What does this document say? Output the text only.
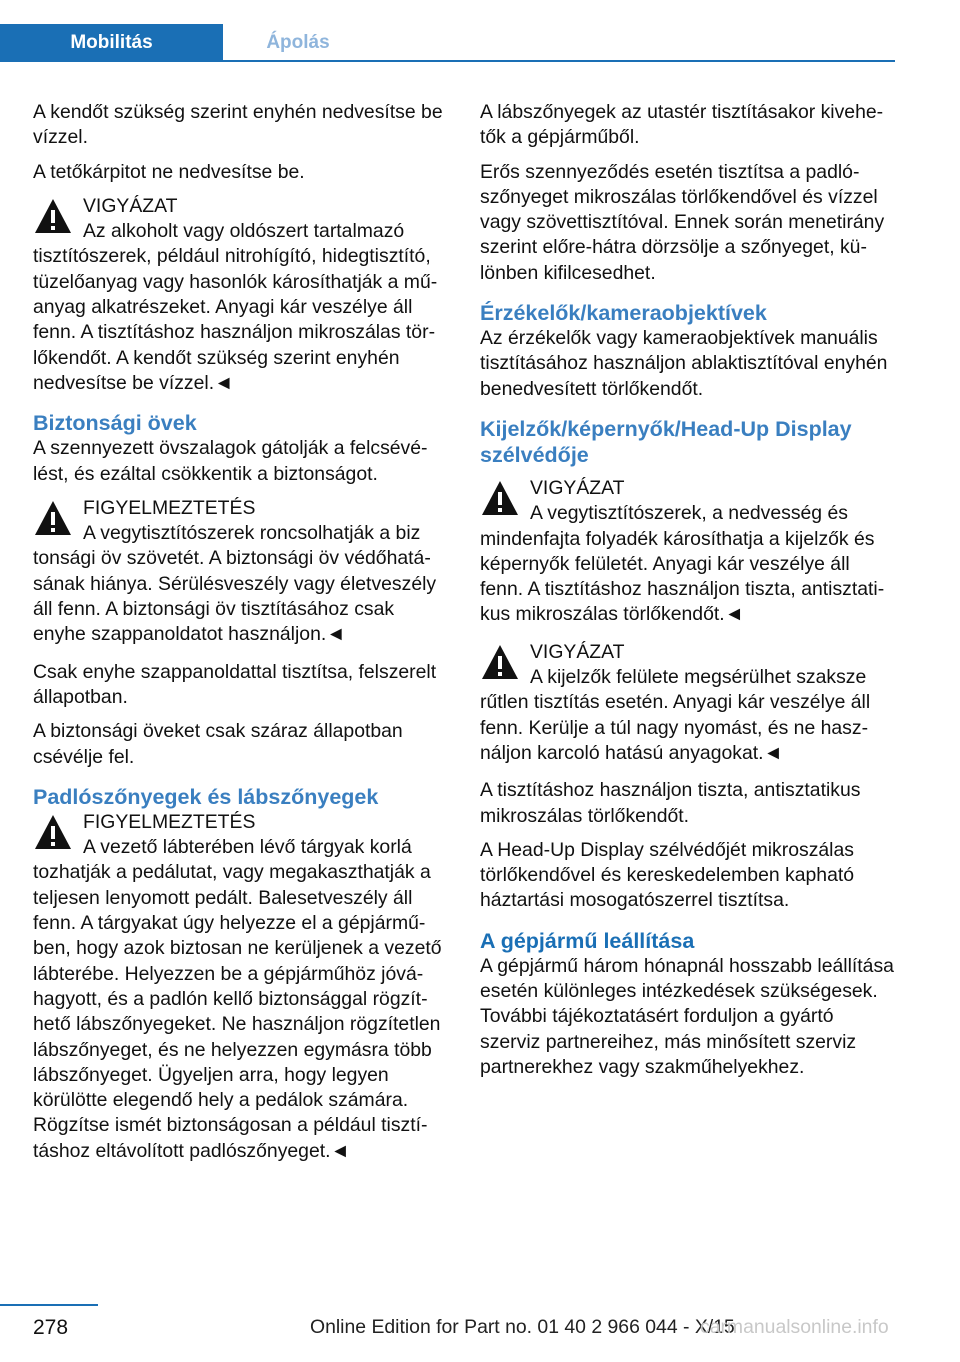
Mobilitás	Ápolás

A kendőt szükség szerint enyhén nedvesítse be vízzel.

A tetőkárpitot ne nedvesítse be.

VIGYÁZAT
Az alkoholt vagy oldószert tartalmazó
tisztítószerek, például nitrohígító, hidegtisztító, tüzelőanyag vagy hasonlók károsíthatják a műanyag alkatrészeket. Anyagi kár veszélye áll fenn. A tisztításhoz használjon mikroszálas törlőkendőt. A kendőt szükség szerint enyhén nedvesítse be vízzel.◄
Biztonsági övek

A szennyezett övszalagok gátolják a felcsévélést, és ezáltal csökkentik a biztonságot.

FIGYELMEZTETÉS
A vegytisztítószerek roncsolhatják a biz
tonsági öv szövetét. A biztonsági öv védőhatásának hiánya. Sérülésveszély vagy életveszély áll fenn. A biztonsági öv tisztításához csak enyhe szappanoldatot használjon.◄

Csak enyhe szappanoldattal tisztítsa, felszerelt állapotban.

A biztonsági öveket csak száraz állapotban csévélje fel.

Padlószőnyegek és lábszőnyegek
FIGYELMEZTETÉS
A vezető lábterében lévő tárgyak korlá
tozhatják a pedálutat, vagy megakaszthatják a teljesen lenyomott pedált. Balesetveszély áll fenn. A tárgyakat úgy helyezze el a gépjárműben, hogy azok biztosan ne kerüljenek a vezető lábterébe. Helyezzen be a gépjárműhöz jóváhagyott, és a padlón kellő biztonsággal rögzíthető lábszőnyegeket. Ne használjon rögzítetlen lábszőnyeget, és ne helyezzen egymásra több lábszőnyeget. Ügyeljen arra, hogy legyen körülötte elegendő hely a pedálok számára. Rögzítse ismét biztonságosan a például tisztításhoz eltávolított padlószőnyeget.◄

A lábszőnyegek az utastér tisztításakor kivehetők a gépjárműből.

Erős szennyeződés esetén tisztítsa a padlószőnyeget mikroszálas törlőkendővel és vízzel vagy szövettisztítóval. Ennek során menetirány szerint előre-hátra dörzsölje a szőnyeget, különben kifilcesedhet.

Érzékelők/kameraobjektívek

Az érzékelők vagy kameraobjektívek manuális tisztításához használjon ablaktisztítóval enyhén benedvesített törlőkendőt.

Kijelzők/képernyők/Head-Up Display szélvédője
VIGYÁZAT
A vegytisztítószerek, a nedvesség és
mindenfajta folyadék károsíthatja a kijelzők és képernyők felületét. Anyagi kár veszélye áll fenn. A tisztításhoz használjon tiszta, antisztatikus mikroszálas törlőkendőt.◄
VIGYÁZAT
A kijelzők felülete megsérülhet szaksze
rűtlen tisztítás esetén. Anyagi kár veszélye áll fenn. Kerülje a túl nagy nyomást, és ne használjon karcoló hatású anyagokat.◄

A tisztításhoz használjon tiszta, antisztatikus mikroszálas törlőkendőt.

A Head-Up Display szélvédőjét mikroszálas törlőkendővel és kereskedelemben kapható háztartási mosogatószerrel tisztítsa.

A gépjármű leállítása

A gépjármű három hónapnál hosszabb leállítása esetén különleges intézkedések szükségesek. További tájékoztatásért forduljon a gyártó szerviz partnereihez, más minősített szerviz partnerekhez vagy szakműhelyekhez.

278	Online Edition for Part no. 01 40 2 966 044 - X/15
carmanualsonline.info
